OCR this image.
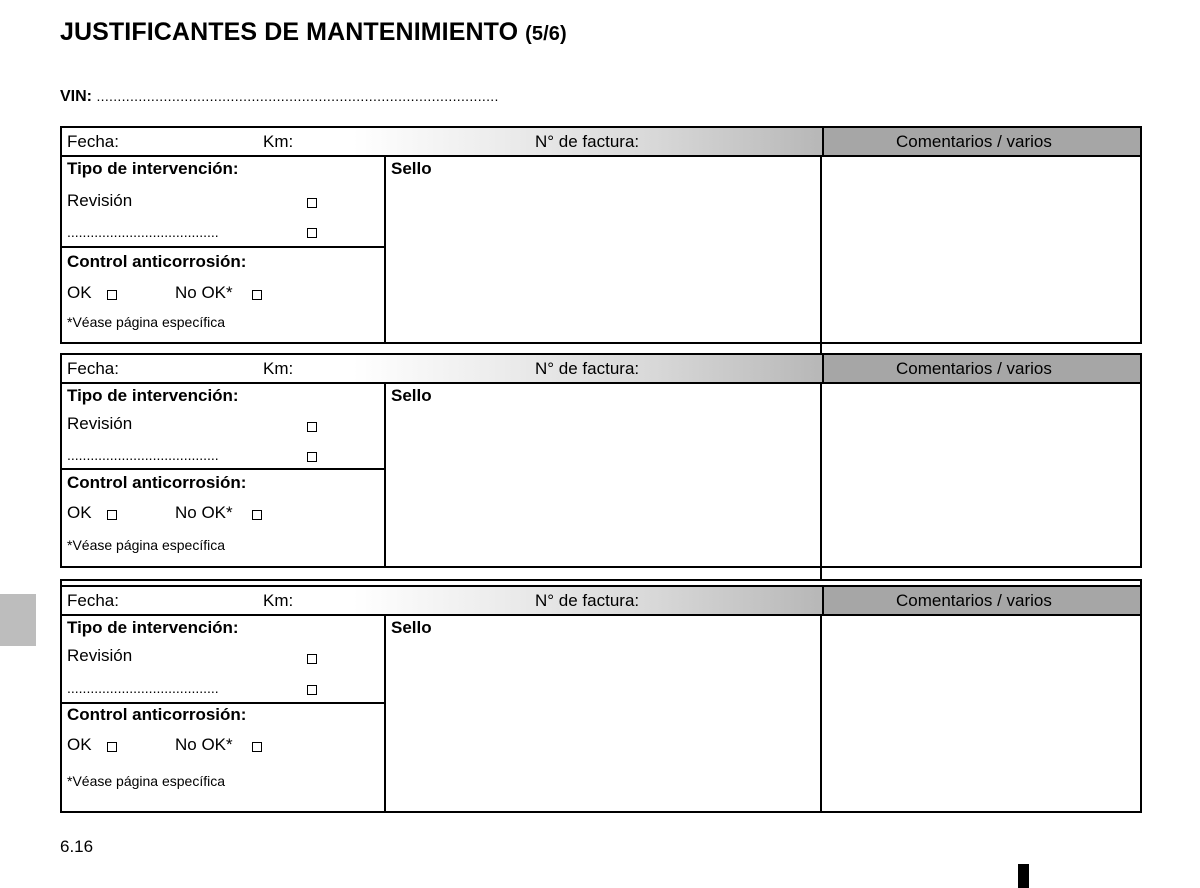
JUSTIFICANTES DE MANTENIMIENTO (5/6)
VIN: ................................................................................................
Fecha:	Km:	N° de factura:	Comentarios / varios
Tipo de intervención:	Sello
Revisión
.......................................
Control anticorrosión:
OK	No OK*
*Véase página específica
Fecha:	Km:	N° de factura:	Comentarios / varios
Tipo de intervención:	Sello
Revisión
.......................................
Control anticorrosión:
OK	No OK*
*Véase página específica
Fecha:	Km:	N° de factura:	Comentarios / varios
Tipo de intervención:	Sello
Revisión
.......................................
Control anticorrosión:
OK	No OK*
*Véase página específica
6.16
